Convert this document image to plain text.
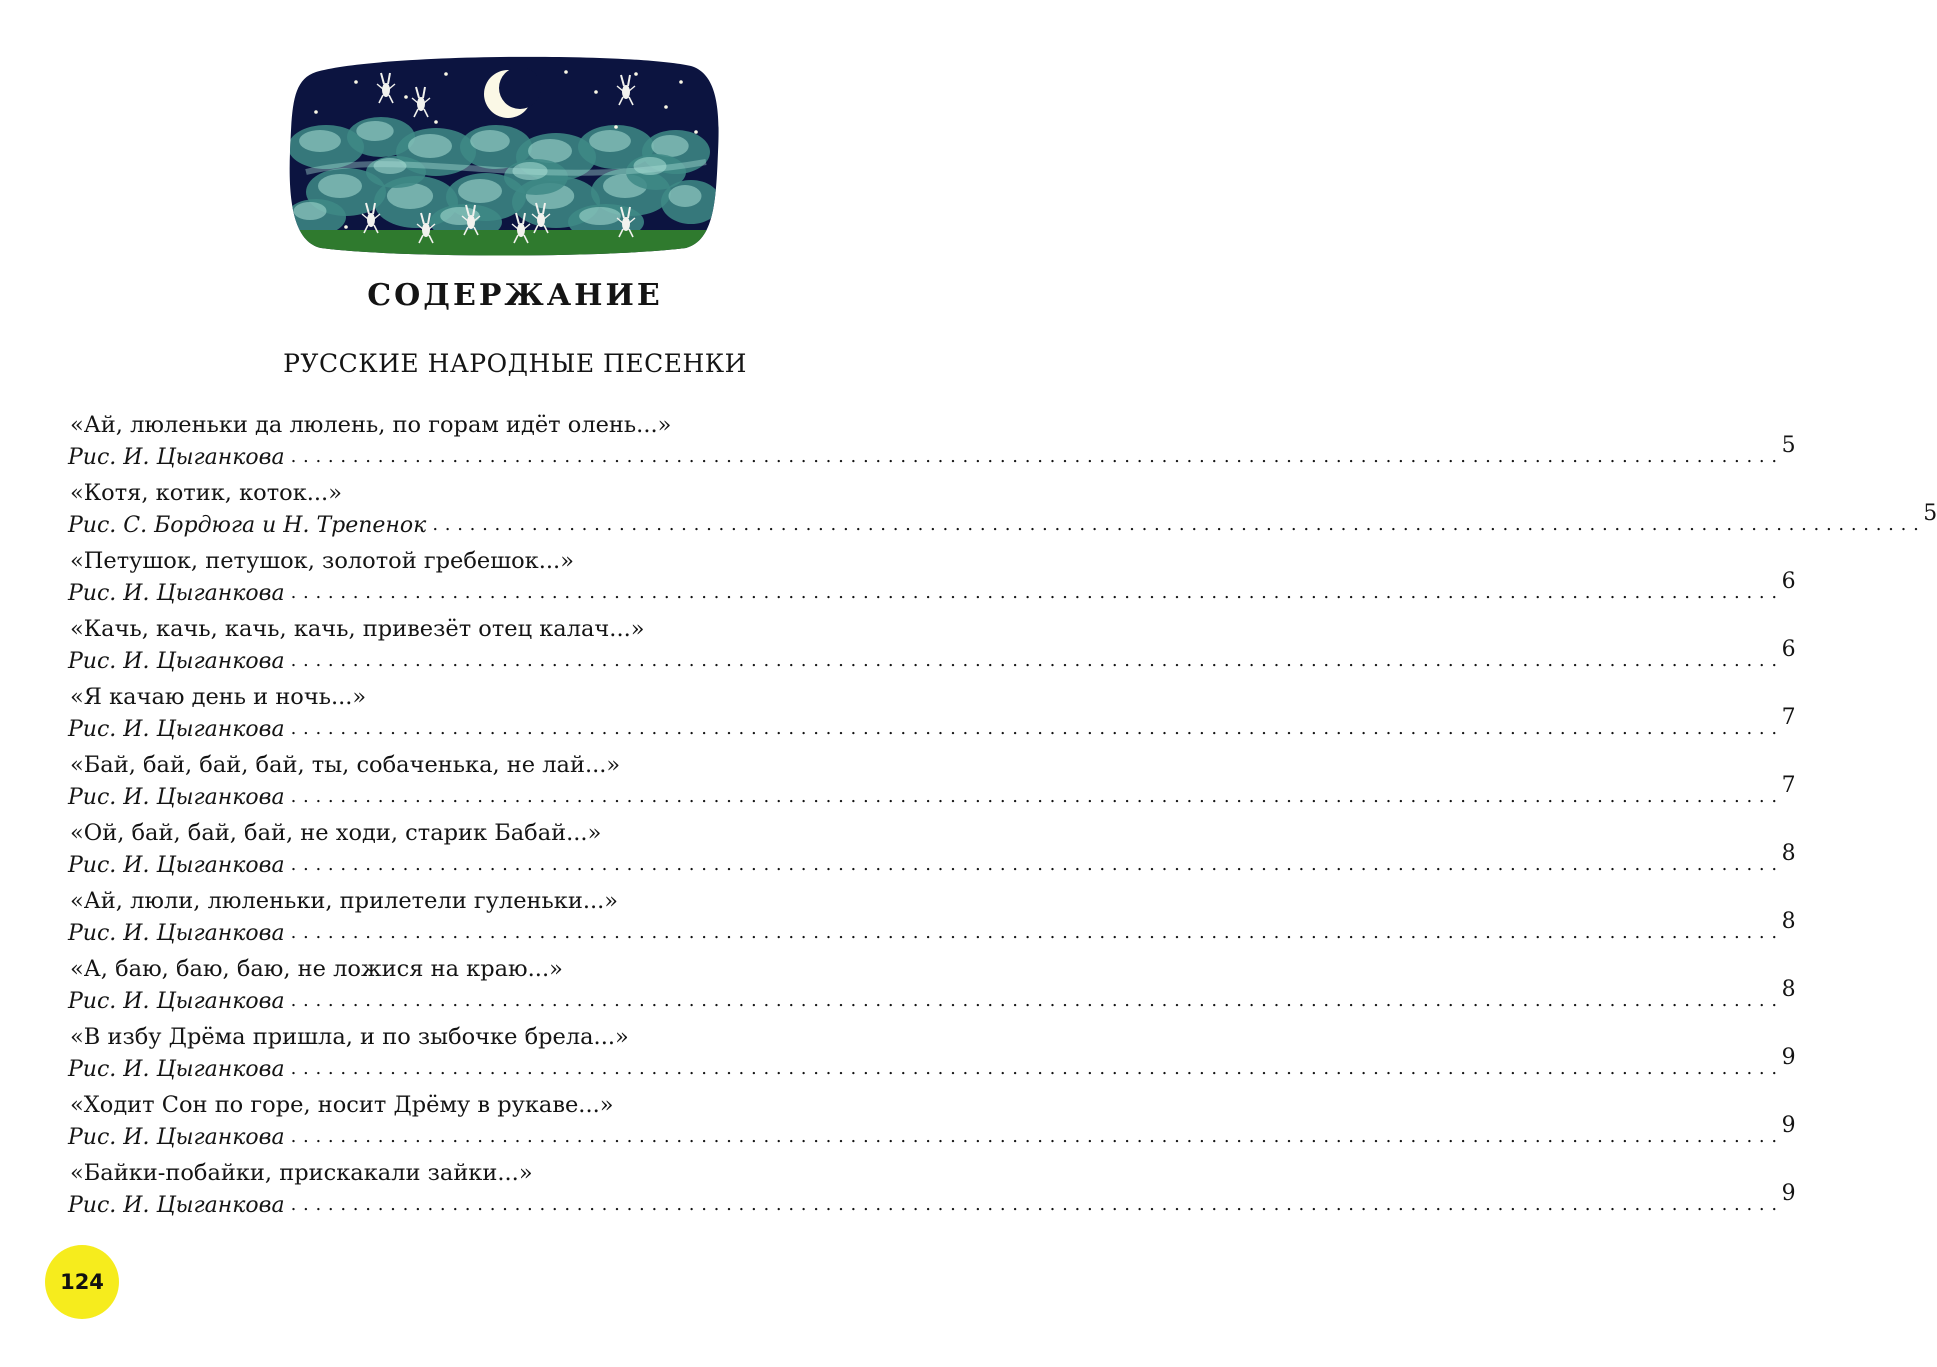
СОДЕРЖАНИЕ
РУССКИЕ НАРОДНЫЕ ПЕСЕНКИ
«Ай, люленьки да люлень, по горам идёт олень...»
Рис. И. Цыганкова . . . . . . . . . . . . . . . . . . . . . . . . . . . . . . . . . . . . . . . . . . . . . . . . . . . . . . . . . . . . . . . . . . . . . . . . . . . . . . . . . . . . . . . . . . . . . . . . . . . . . . . . . . . . . . . . . . . . . . . . 5
«Котя, котик, коток...»
Рис. С. Бордюга и Н. Трепенок . . . . . . . . . . . . . . . . . . . . . . . . . . . . . . . . . . . . . . . . . . . . . . . . . . . . . . . . . . . . . . . . . . . . . . . . . . . . . . . . . . . . . . . . . . . . . . . . . . . . . . . . . . . . . . . . . . . . . . . . 5
«Петушок, петушок, золотой гребешок...»
Рис. И. Цыганкова . . . . . . . . . . . . . . . . . . . . . . . . . . . . . . . . . . . . . . . . . . . . . . . . . . . . . . . . . . . . . . . . . . . . . . . . . . . . . . . . . . . . . . . . . . . . . . . . . . . . . . . . . . . . . . . . . . . . . . . . 6
«Качь, качь, качь, качь, привезёт отец калач...»
Рис. И. Цыганкова . . . . . . . . . . . . . . . . . . . . . . . . . . . . . . . . . . . . . . . . . . . . . . . . . . . . . . . . . . . . . . . . . . . . . . . . . . . . . . . . . . . . . . . . . . . . . . . . . . . . . . . . . . . . . . . . . . . . . . . . 6
«Я качаю день и ночь...»
Рис. И. Цыганкова . . . . . . . . . . . . . . . . . . . . . . . . . . . . . . . . . . . . . . . . . . . . . . . . . . . . . . . . . . . . . . . . . . . . . . . . . . . . . . . . . . . . . . . . . . . . . . . . . . . . . . . . . . . . . . . . . . . . . . . . 7
«Бай, бай, бай, бай, ты, собаченька, не лай...»
Рис. И. Цыганкова . . . . . . . . . . . . . . . . . . . . . . . . . . . . . . . . . . . . . . . . . . . . . . . . . . . . . . . . . . . . . . . . . . . . . . . . . . . . . . . . . . . . . . . . . . . . . . . . . . . . . . . . . . . . . . . . . . . . . . . . 7
«Ой, бай, бай, бай, не ходи, старик Бабай...»
Рис. И. Цыганкова . . . . . . . . . . . . . . . . . . . . . . . . . . . . . . . . . . . . . . . . . . . . . . . . . . . . . . . . . . . . . . . . . . . . . . . . . . . . . . . . . . . . . . . . . . . . . . . . . . . . . . . . . . . . . . . . . . . . . . . . 8
«Ай, люли, люленьки, прилетели гуленьки...»
Рис. И. Цыганкова . . . . . . . . . . . . . . . . . . . . . . . . . . . . . . . . . . . . . . . . . . . . . . . . . . . . . . . . . . . . . . . . . . . . . . . . . . . . . . . . . . . . . . . . . . . . . . . . . . . . . . . . . . . . . . . . . . . . . . . . 8
«А, баю, баю, баю, не ложися на краю...»
Рис. И. Цыганкова . . . . . . . . . . . . . . . . . . . . . . . . . . . . . . . . . . . . . . . . . . . . . . . . . . . . . . . . . . . . . . . . . . . . . . . . . . . . . . . . . . . . . . . . . . . . . . . . . . . . . . . . . . . . . . . . . . . . . . . . 8
«В избу Дрёма пришла, и по зыбочке брела...»
Рис. И. Цыганкова . . . . . . . . . . . . . . . . . . . . . . . . . . . . . . . . . . . . . . . . . . . . . . . . . . . . . . . . . . . . . . . . . . . . . . . . . . . . . . . . . . . . . . . . . . . . . . . . . . . . . . . . . . . . . . . . . . . . . . . . 9
«Ходит Сон по горе, носит Дрёму в рукаве...»
Рис. И. Цыганкова . . . . . . . . . . . . . . . . . . . . . . . . . . . . . . . . . . . . . . . . . . . . . . . . . . . . . . . . . . . . . . . . . . . . . . . . . . . . . . . . . . . . . . . . . . . . . . . . . . . . . . . . . . . . . . . . . . . . . . . . 9
«Байки-побайки, прискакали зайки...»
Рис. И. Цыганкова . . . . . . . . . . . . . . . . . . . . . . . . . . . . . . . . . . . . . . . . . . . . . . . . . . . . . . . . . . . . . . . . . . . . . . . . . . . . . . . . . . . . . . . . . . . . . . . . . . . . . . . . . . . . . . . . . . . . . . . . 9
124
